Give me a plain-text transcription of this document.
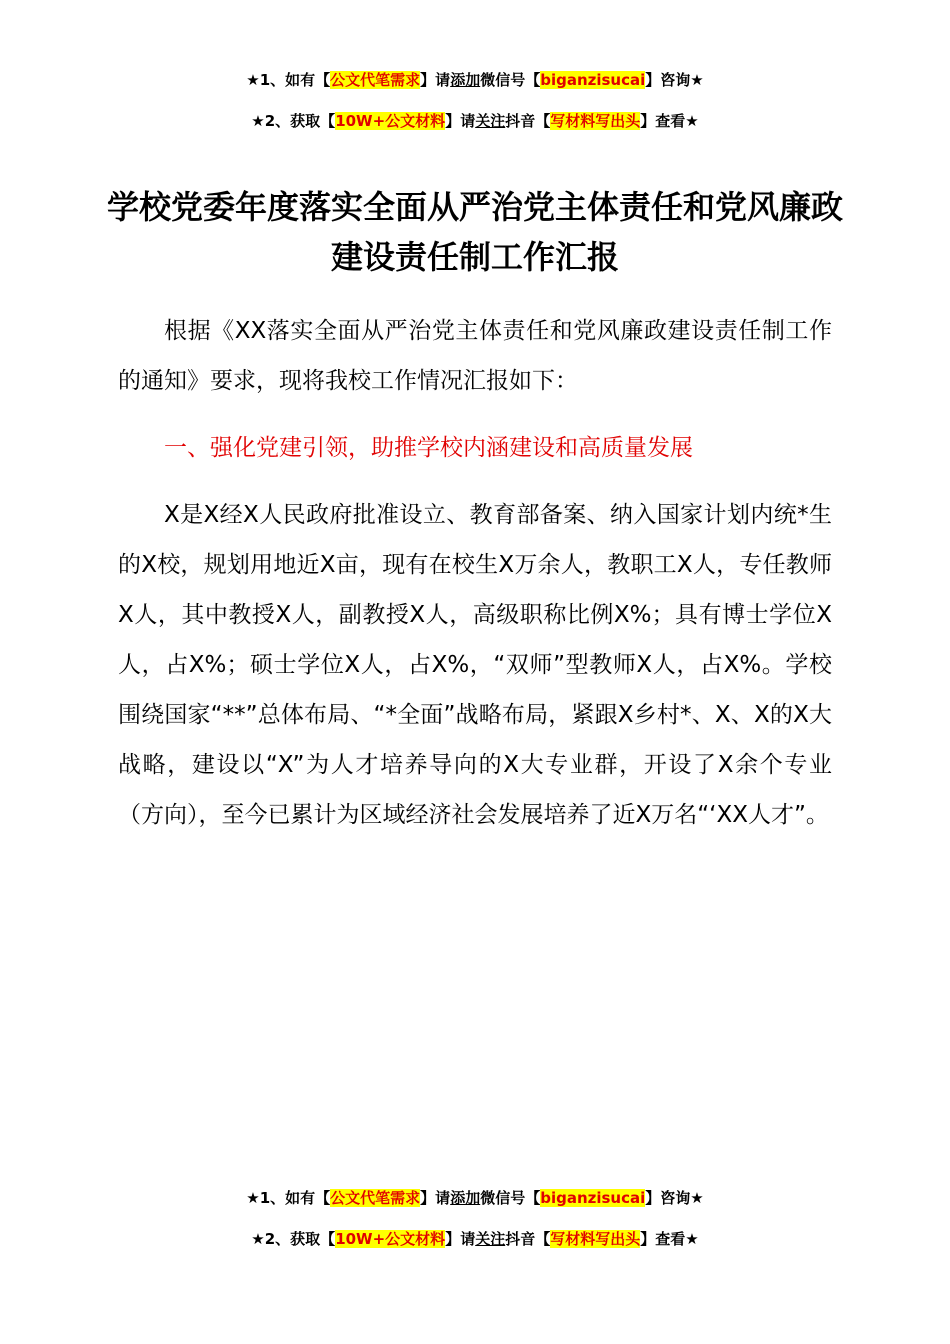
★1、如有【公文代笔需求】请添加微信号【biganzisucai】咨询★
★2、获取【10W+公文材料】请关注抖音【写材料写出头】查看★
学校党委年度落实全面从严治党主体责任和党风廉政建设责任制工作汇报

根据《XX落实全面从严治党主体责任和党风廉政建设责任制工作的通知》要求，现将我校工作情况汇报如下：

一、强化党建引领，助推学校内涵建设和高质量发展

X是X经X人民政府批准设立、教育部备案、纳入国家计划内统*生的X校，规划用地近X亩，现有在校生X万余人，教职工X人，专任教师X人，其中教授X人，副教授X人，高级职称比例X%；具有博士学位X人，占X%；硕士学位X人，占X%，“双师”型教师X人，占X%。学校围绕国家“**”总体布局、“*全面”战略布局，紧跟X乡村*、X、X的X大战略，建设以“X”为人才培养导向的X大专业群，开设了X余个专业（方向），至今已累计为区域经济社会发展培养了近X万名“‘XX人才”。

★1、如有【公文代笔需求】请添加微信号【biganzisucai】咨询★
★2、获取【10W+公文材料】请关注抖音【写材料写出头】查看★
